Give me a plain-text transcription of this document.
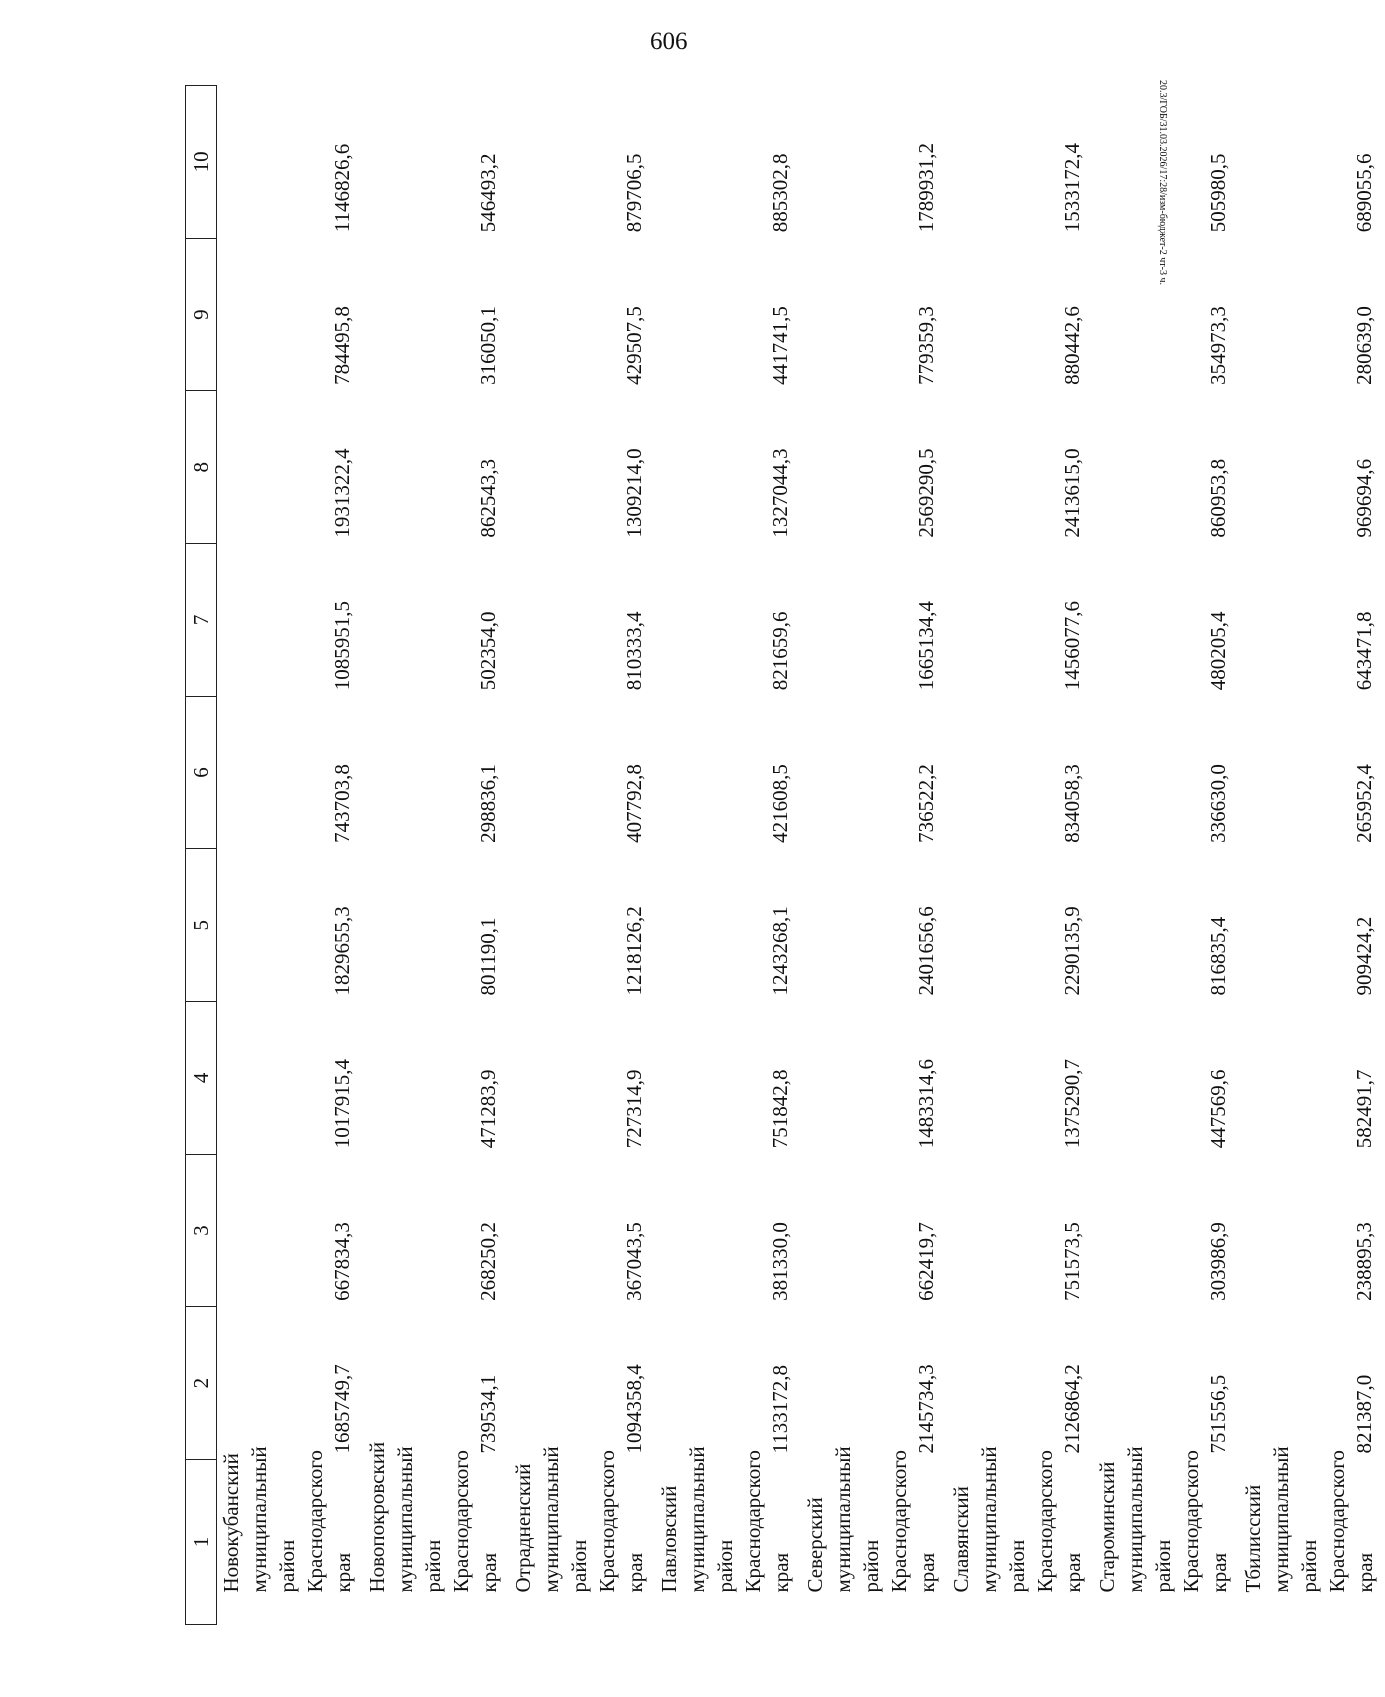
606
20.3/ГОБ/31.03.2026/17:28/изм-бюджет-2 чт-3 ч.
1	2	3	4	5	6	7	8	9	10
Новокубанский муниципальный район Краснодарского края	1685749,7	667834,3	1017915,4	1829655,3	743703,8	1085951,5	1931322,4	784495,8	1146826,6
Новопокровский муниципальный район Краснодарского края	739534,1	268250,2	471283,9	801190,1	298836,1	502354,0	862543,3	316050,1	546493,2
Отрадненский муниципальный район Краснодарского края	1094358,4	367043,5	727314,9	1218126,2	407792,8	810333,4	1309214,0	429507,5	879706,5
Павловский муниципальный район Краснодарского края	1133172,8	381330,0	751842,8	1243268,1	421608,5	821659,6	1327044,3	441741,5	885302,8
Северский муниципальный район Краснодарского края	2145734,3	662419,7	1483314,6	2401656,6	736522,2	1665134,4	2569290,5	779359,3	1789931,2
Славянский муниципальный район Краснодарского края	2126864,2	751573,5	1375290,7	2290135,9	834058,3	1456077,6	2413615,0	880442,6	1533172,4
Староминский муниципальный район Краснодарского края	751556,5	303986,9	447569,6	816835,4	336630,0	480205,4	860953,8	354973,3	505980,5
Тбилисский муниципальный район Краснодарского края	821387,0	238895,3	582491,7	909424,2	265952,4	643471,8	969694,6	280639,0	689055,6
